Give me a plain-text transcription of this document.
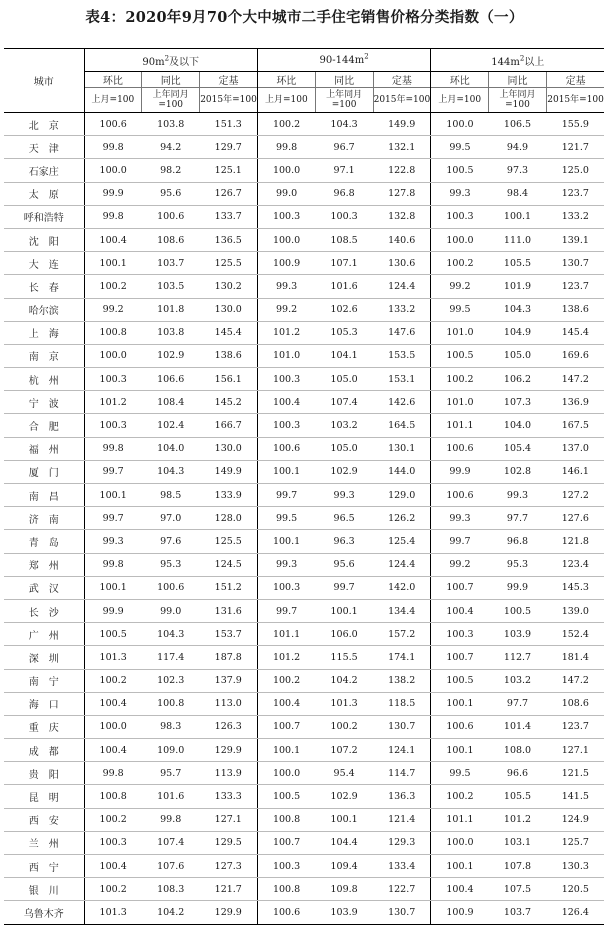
表4：2020年9月70个大中城市二手住宅销售价格分类指数（一）
城市	$90m^2$及以下			$90-144m^2$			$144m^2$以上		
	环比	同比	定基	环比	同比	定基	环比	同比	定基
	上月=100	上年同月=100	2015年=100	上月=100	上年同月=100	2015年=100	上月=100	上年同月=100	2015年=100
北　京	100.6	103.8	151.3	100.2	104.3	149.9	100.0	106.5	155.9
天　津	99.8	94.2	129.7	99.8	96.7	132.1	99.5	94.9	121.7
石家庄	100.0	98.2	125.1	100.0	97.1	122.8	100.5	97.3	125.0
太　原	99.9	95.6	126.7	99.0	96.8	127.8	99.3	98.4	123.7
呼和浩特	99.8	100.6	133.7	100.3	100.3	132.8	100.3	100.1	133.2
沈　阳	100.4	108.6	136.5	100.0	108.5	140.6	100.0	111.0	139.1
大　连	100.1	103.7	125.5	100.9	107.1	130.6	100.2	105.5	130.7
长　春	100.2	103.5	130.2	99.3	101.6	124.4	99.2	101.9	123.7
哈尔滨	99.2	101.8	130.0	99.2	102.6	133.2	99.5	104.3	138.6
上　海	100.8	103.8	145.4	101.2	105.3	147.6	101.0	104.9	145.4
南　京	100.0	102.9	138.6	101.0	104.1	153.5	100.5	105.0	169.6
杭　州	100.3	106.6	156.1	100.3	105.0	153.1	100.2	106.2	147.2
宁　波	101.2	108.4	145.2	100.4	107.4	142.6	101.0	107.3	136.9
合　肥	100.3	102.4	166.7	100.3	103.2	164.5	101.1	104.0	167.5
福　州	99.8	104.0	130.0	100.6	105.0	130.1	100.6	105.4	137.0
厦　门	99.7	104.3	149.9	100.1	102.9	144.0	99.9	102.8	146.1
南　昌	100.1	98.5	133.9	99.7	99.3	129.0	100.6	99.3	127.2
济　南	99.7	97.0	128.0	99.5	96.5	126.2	99.3	97.7	127.6
青　岛	99.3	97.6	125.5	100.1	96.3	125.4	99.7	96.8	121.8
郑　州	99.8	95.3	124.5	99.3	95.6	124.4	99.2	95.3	123.4
武　汉	100.1	100.6	151.2	100.3	99.7	142.0	100.7	99.9	145.3
长　沙	99.9	99.0	131.6	99.7	100.1	134.4	100.4	100.5	139.0
广　州	100.5	104.3	153.7	101.1	106.0	157.2	100.3	103.9	152.4
深　圳	101.3	117.4	187.8	101.2	115.5	174.1	100.7	112.7	181.4
南　宁	100.2	102.3	137.9	100.2	104.2	138.2	100.5	103.2	147.2
海　口	100.4	100.8	113.0	100.4	101.3	118.5	100.1	97.7	108.6
重　庆	100.0	98.3	126.3	100.7	100.2	130.7	100.6	101.4	123.7
成　都	100.4	109.0	129.9	100.1	107.2	124.1	100.1	108.0	127.1
贵　阳	99.8	95.7	113.9	100.0	95.4	114.7	99.5	96.6	121.5
昆　明	100.8	101.6	133.3	100.5	102.9	136.3	100.2	105.5	141.5
西　安	100.2	99.8	127.1	100.8	100.1	121.4	101.1	101.2	124.9
兰　州	100.3	107.4	129.5	100.7	104.4	129.3	100.0	103.1	125.7
西　宁	100.4	107.6	127.3	100.3	109.4	133.4	100.1	107.8	130.3
银　川	100.2	108.3	121.7	100.8	109.8	122.7	100.4	107.5	120.5
乌鲁木齐	101.3	104.2	129.9	100.6	103.9	130.7	100.9	103.7	126.4
